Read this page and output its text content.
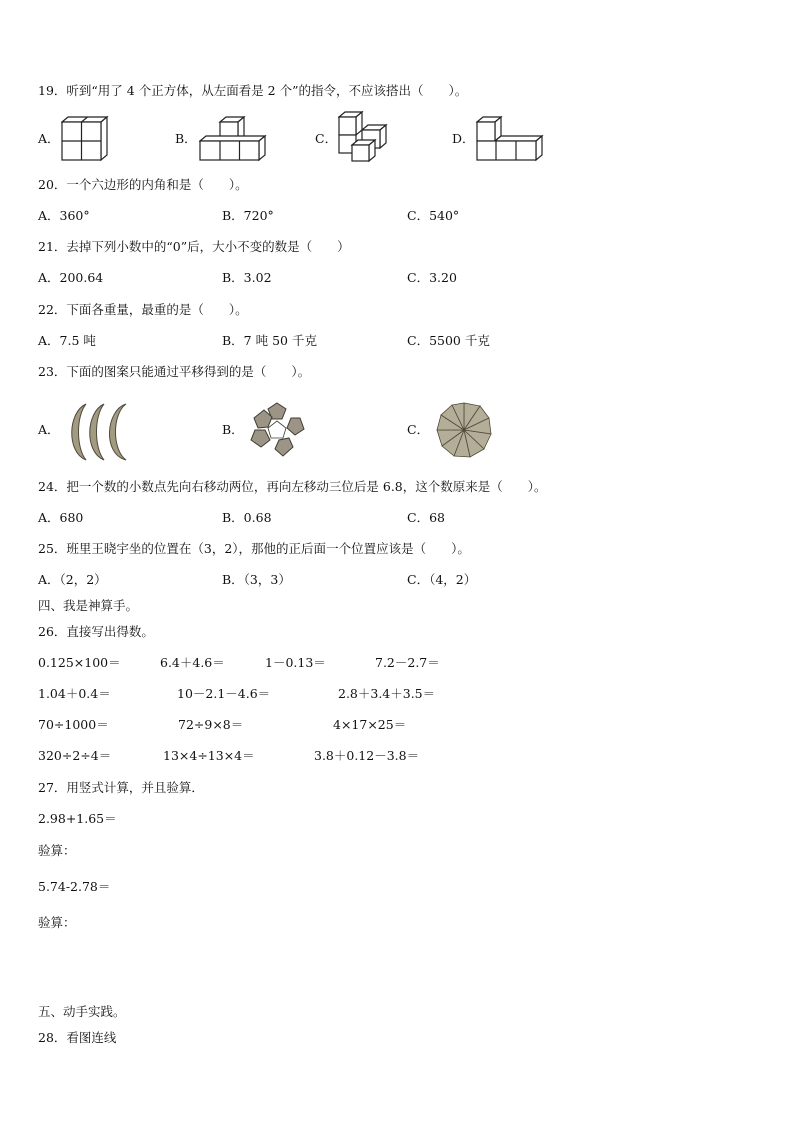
19．听到“用了 4 个正方体，从左面看是 2 个”的指令，不应该搭出（　　）。
A．	B．	C．	D．
20．一个六边形的内角和是（　　）。
A．360°	B．720°	C．540°
21．去掉下列小数中的“0”后，大小不变的数是（　　）
A．200.64	B．3.02	C．3.20
22．下面各重量，最重的是（　　）。
A．7.5 吨	B．7 吨 50 千克	C．5500 千克
23．下面的图案只能通过平移得到的是（　　）。
A．	B．	C．
24．把一个数的小数点先向右移动两位，再向左移动三位后是 6.8，这个数原来是（　　）。
A．680	B．0.68	C．68
25．班里王晓宇坐的位置在（3，2），那他的正后面一个位置应该是（　　）。
A．（2，2）	B．（3，3）	C．（4，2）
四、我是神算手。
26．直接写出得数。
0.125×100＝	6.4＋4.6＝	1－0.13＝	7.2－2.7＝
1.04＋0.4＝	10－2.1－4.6＝	2.8＋3.4＋3.5＝
70÷1000＝	72÷9×8＝	4×17×25＝
320÷2÷4＝	13×4÷13×4＝	3.8＋0.12－3.8＝
27．用竖式计算，并且验算．
2.98+1.65＝
验算：
5.74-2.78＝
验算：
五、动手实践。
28．看图连线
